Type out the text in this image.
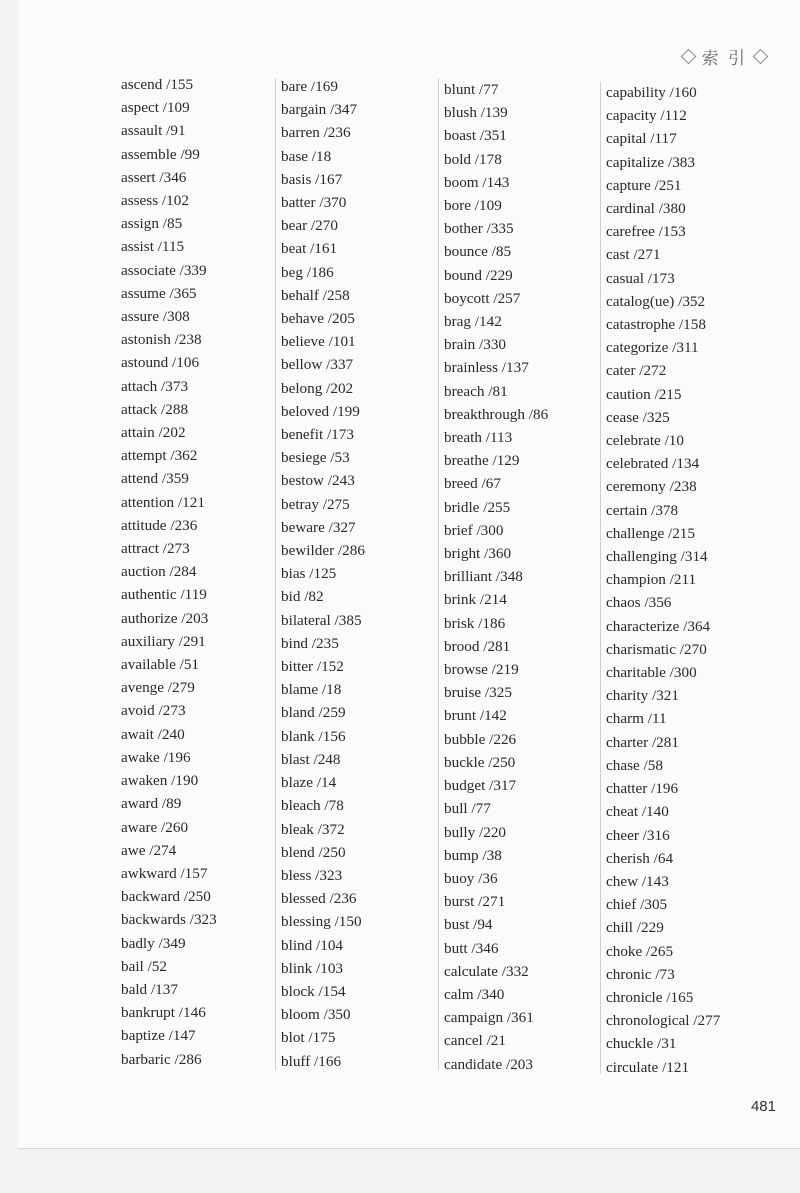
索 引
ascend /155
aspect /109
assault /91
assemble /99
assert /346
assess /102
assign /85
assist /115
associate /339
assume /365
assure /308
astonish /238
astound /106
attach /373
attack /288
attain /202
attempt /362
attend /359
attention /121
attitude /236
attract /273
auction /284
authentic /119
authorize /203
auxiliary /291
available /51
avenge /279
avoid /273
await /240
awake /196
awaken /190
award /89
aware /260
awe /274
awkward /157
backward /250
backwards /323
badly /349
bail /52
bald /137
bankrupt /146
baptize /147
barbaric /286
bare /169
bargain /347
barren /236
base /18
basis /167
batter /370
bear /270
beat /161
beg /186
behalf /258
behave /205
believe /101
bellow /337
belong /202
beloved /199
benefit /173
besiege /53
bestow /243
betray /275
beware /327
bewilder /286
bias /125
bid /82
bilateral /385
bind /235
bitter /152
blame /18
bland /259
blank /156
blast /248
blaze /14
bleach /78
bleak /372
blend /250
bless /323
blessed /236
blessing /150
blind /104
blink /103
block /154
bloom /350
blot /175
bluff /166
blunt /77
blush /139
boast /351
bold /178
boom /143
bore /109
bother /335
bounce /85
bound /229
boycott /257
brag /142
brain /330
brainless /137
breach /81
breakthrough /86
breath /113
breathe /129
breed /67
bridle /255
brief /300
bright /360
brilliant /348
brink /214
brisk /186
brood /281
browse /219
bruise /325
brunt /142
bubble /226
buckle /250
budget /317
bull /77
bully /220
bump /38
buoy /36
burst /271
bust /94
butt /346
calculate /332
calm /340
campaign /361
cancel /21
candidate /203
capability /160
capacity /112
capital /117
capitalize /383
capture /251
cardinal /380
carefree /153
cast /271
casual /173
catalog(ue) /352
catastrophe /158
categorize /311
cater /272
caution /215
cease /325
celebrate /10
celebrated /134
ceremony /238
certain /378
challenge /215
challenging /314
champion /211
chaos /356
characterize /364
charismatic /270
charitable /300
charity /321
charm /11
charter /281
chase /58
chatter /196
cheat /140
cheer /316
cherish /64
chew /143
chief /305
chill /229
choke /265
chronic /73
chronicle /165
chronological /277
chuckle /31
circulate /121
481
